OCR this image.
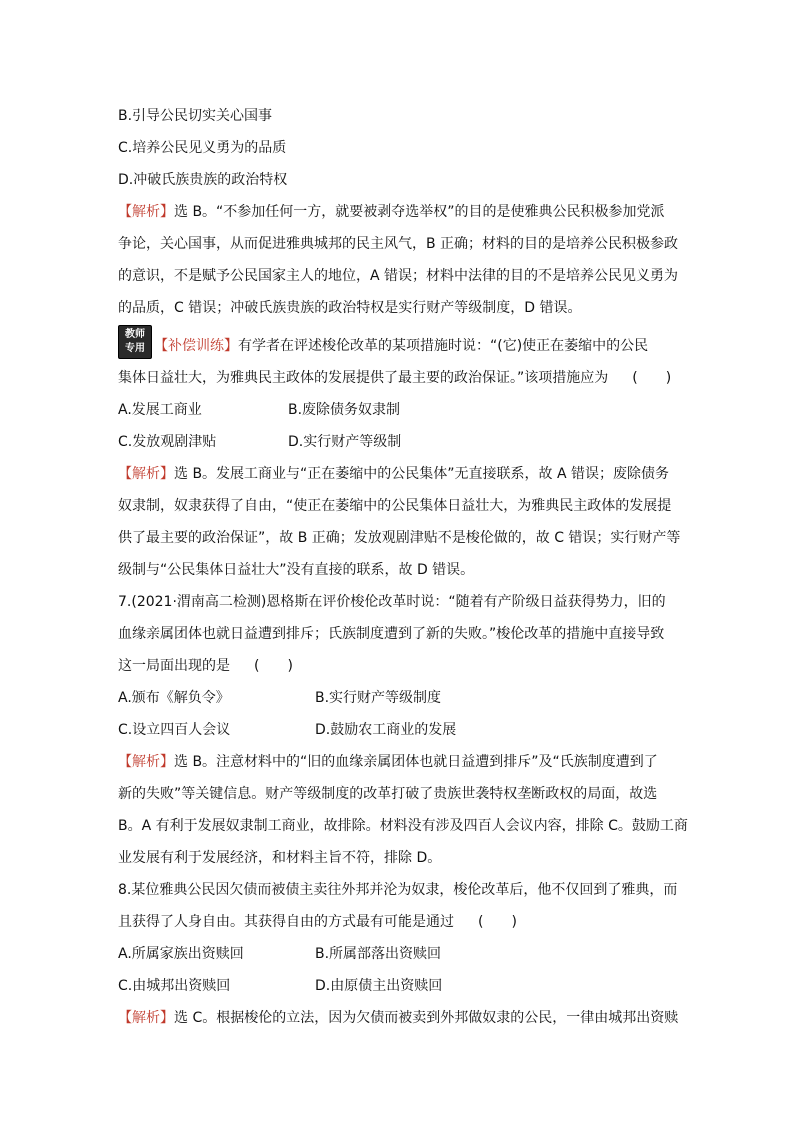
B.引导公民切实关心国事
C.培养公民见义勇为的品质
D.冲破氏族贵族的政治特权
【解析】选 B。“不参加任何一方，就要被剥夺选举权”的目的是使雅典公民积极参加党派
争论，关心国事，从而促进雅典城邦的民主风气，B 正确；材料的目的是培养公民积极参政
的意识，不是赋予公民国家主人的地位，A 错误；材料中法律的目的不是培养公民见义勇为
的品质，C 错误；冲破氏族贵族的政治特权是实行财产等级制度，D 错误。
教师
专用 【补偿训练】有学者在评述梭伦改革的某项措施时说：“(它)使正在萎缩中的公民
集体日益壮大，为雅典民主政体的发展提供了最主要的政治保证。”该项措施应为 (　　)
A.发展工商业	B.废除债务奴隶制
C.发放观剧津贴	D.实行财产等级制
【解析】选 B。发展工商业与“正在萎缩中的公民集体”无直接联系，故 A 错误；废除债务
奴隶制，奴隶获得了自由，“使正在萎缩中的公民集体日益壮大，为雅典民主政体的发展提
供了最主要的政治保证”，故 B 正确；发放观剧津贴不是梭伦做的，故 C 错误；实行财产等
级制与“公民集体日益壮大”没有直接的联系，故 D 错误。
7.(2021·渭南高二检测)恩格斯在评价梭伦改革时说：“随着有产阶级日益获得势力，旧的
血缘亲属团体也就日益遭到排斥；氏族制度遭到了新的失败。”梭伦改革的措施中直接导致
这一局面出现的是 (　　)
A.颁布《解负令》	B.实行财产等级制度
C.设立四百人会议	D.鼓励农工商业的发展
【解析】选 B。注意材料中的“旧的血缘亲属团体也就日益遭到排斥”及“氏族制度遭到了
新的失败”等关键信息。财产等级制度的改革打破了贵族世袭特权垄断政权的局面，故选
B。A 有利于发展奴隶制工商业，故排除。材料没有涉及四百人会议内容，排除 C。鼓励工商
业发展有利于发展经济，和材料主旨不符，排除 D。
8.某位雅典公民因欠债而被债主卖往外邦并沦为奴隶，梭伦改革后，他不仅回到了雅典，而
且获得了人身自由。其获得自由的方式最有可能是通过 (　　)
A.所属家族出资赎回	B.所属部落出资赎回
C.由城邦出资赎回	D.由原债主出资赎回
【解析】选 C。根据梭伦的立法，因为欠债而被卖到外邦做奴隶的公民，一律由城邦出资赎
